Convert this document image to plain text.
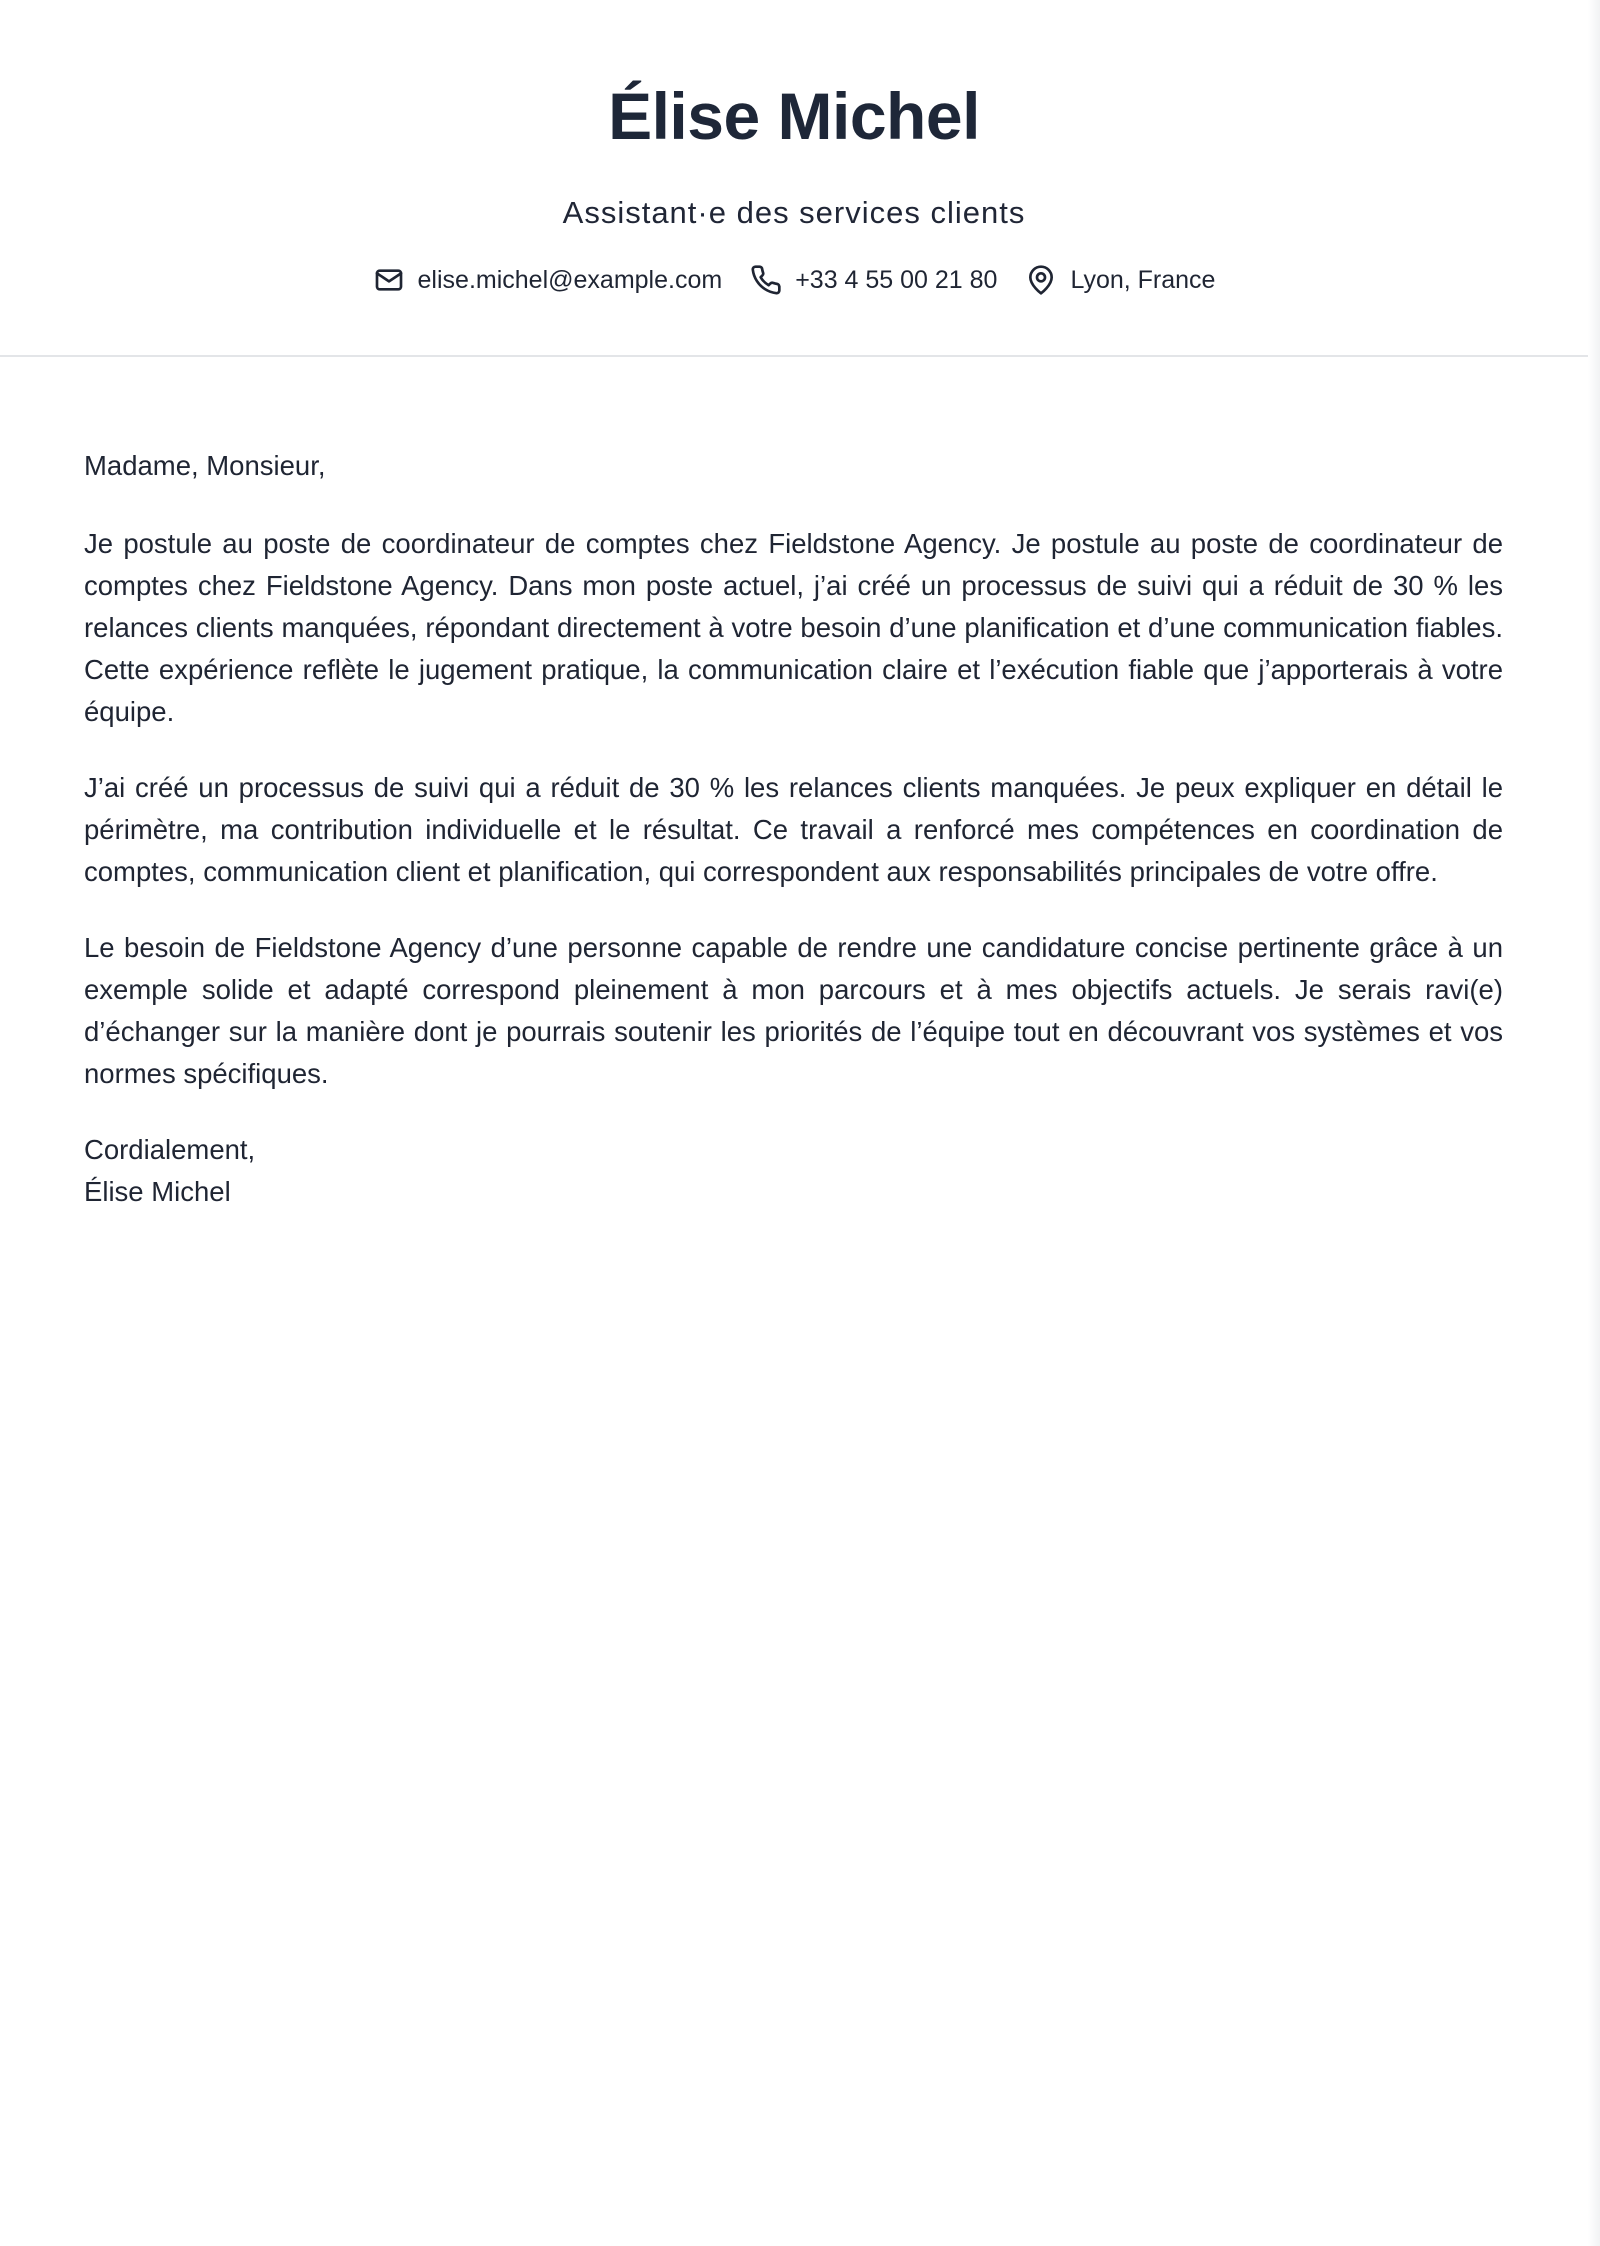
Élise Michel
Assistant·e des services clients
elise.michel@example.com	+33 4 55 00 21 80	Lyon, France

Madame, Monsieur,

Je postule au poste de coordinateur de comptes chez Fieldstone Agency. Je postule au poste de coordinateur de comptes chez Fieldstone Agency. Dans mon poste actuel, j’ai créé un processus de suivi qui a réduit de 30 % les relances clients manquées, répondant directement à votre besoin d’une planification et d’une communication fiables. Cette expérience reflète le jugement pratique, la communication claire et l’exécution fiable que j’apporterais à votre équipe.

J’ai créé un processus de suivi qui a réduit de 30 % les relances clients manquées. Je peux expliquer en détail le périmètre, ma contribution individuelle et le résultat. Ce travail a renforcé mes compétences en coordination de comptes, communication client et planification, qui correspondent aux responsabilités principales de votre offre.

Le besoin de Fieldstone Agency d’une personne capable de rendre une candidature concise pertinente grâce à un exemple solide et adapté correspond pleinement à mon parcours et à mes objectifs actuels. Je serais ravi(e) d’échanger sur la manière dont je pourrais soutenir les priorités de l’équipe tout en découvrant vos systèmes et vos normes spécifiques.

Cordialement,

Élise Michel
